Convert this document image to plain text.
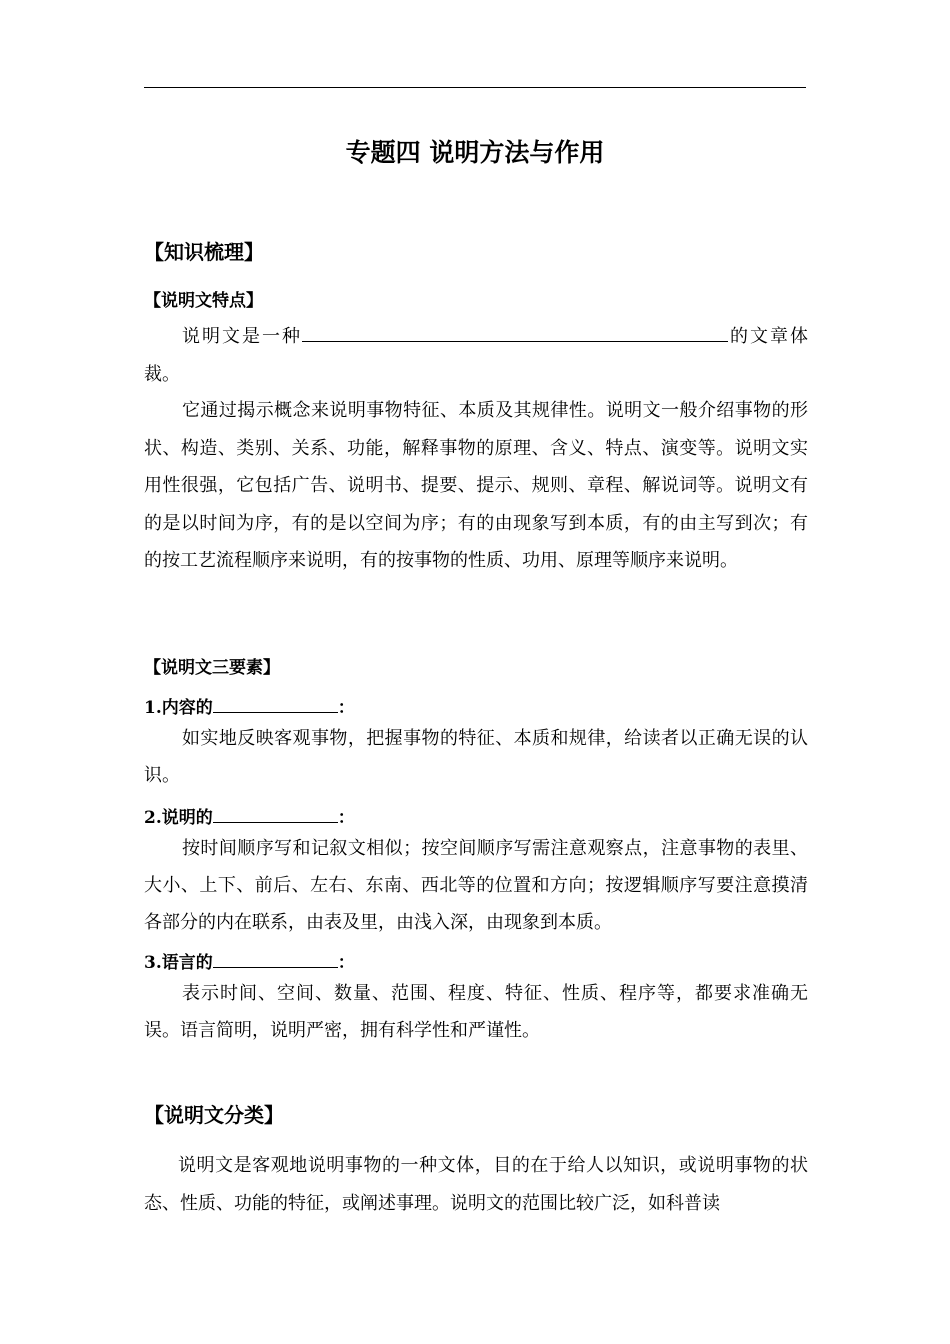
专题四 说明方法与作用
【知识梳理】
【说明文特点】
说明文是一种	的文章体裁。
它通过揭示概念来说明事物特征、本质及其规律性。说明文一般介绍事物的形状、构造、类别、关系、功能，解释事物的原理、含义、特点、演变等。说明文实用性很强，它包括广告、说明书、提要、提示、规则、章程、解说词等。说明文有的是以时间为序，有的是以空间为序；有的由现象写到本质，有的由主写到次；有的按工艺流程顺序来说明，有的按事物的性质、功用、原理等顺序来说明。
【说明文三要素】
1.内容的	：
如实地反映客观事物，把握事物的特征、本质和规律，给读者以正确无误的认识。
2.说明的	：
按时间顺序写和记叙文相似；按空间顺序写需注意观察点，注意事物的表里、大小、上下、前后、左右、东南、西北等的位置和方向；按逻辑顺序写要注意摸清各部分的内在联系，由表及里，由浅入深，由现象到本质。
3.语言的	：
表示时间、空间、数量、范围、程度、特征、性质、程序等，都要求准确无误。语言简明，说明严密，拥有科学性和严谨性。
【说明文分类】
说明文是客观地说明事物的一种文体，目的在于给人以知识，或说明事物的状态、性质、功能的特征，或阐述事理。说明文的范围比较广泛，如科普读
